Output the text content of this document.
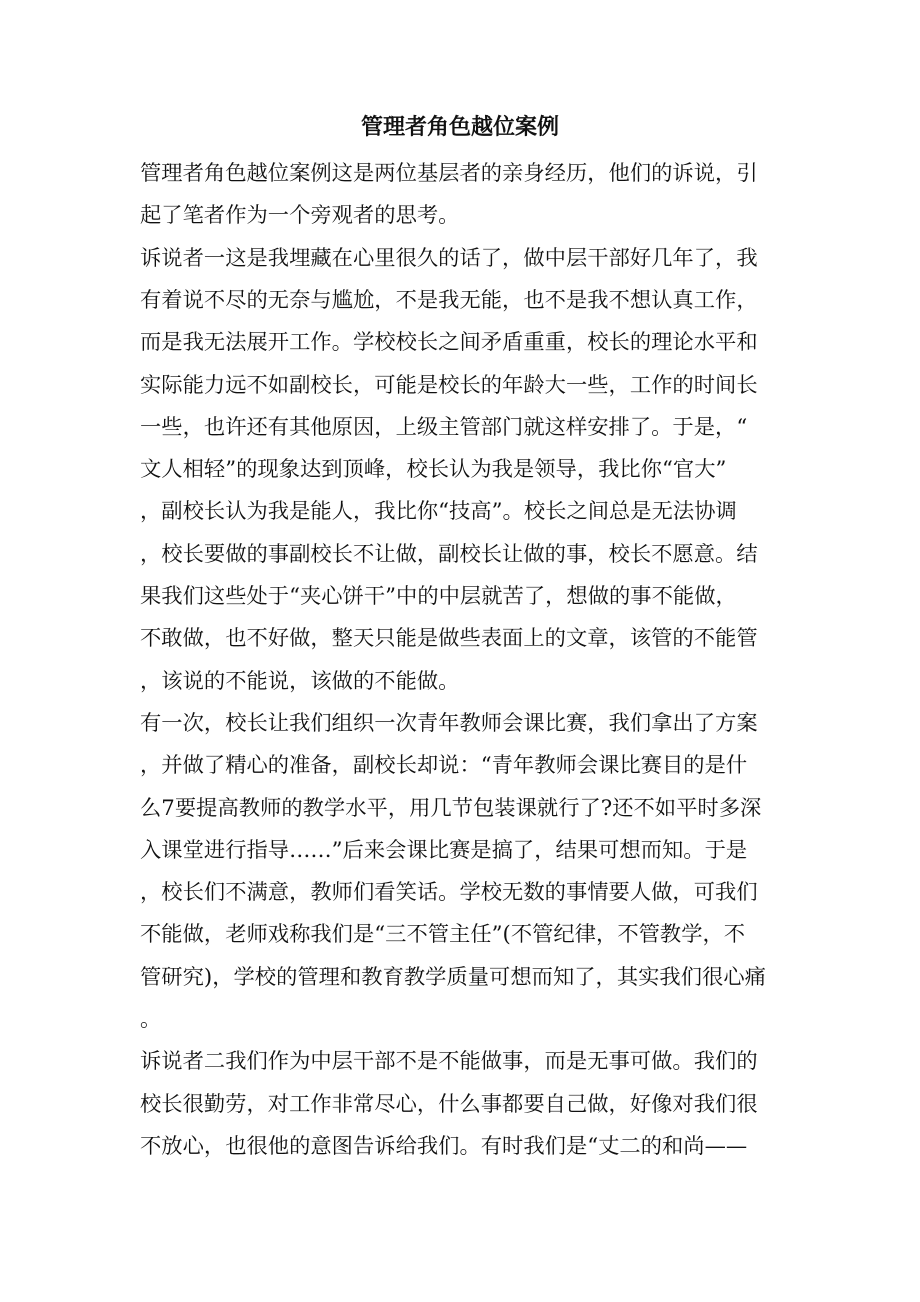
管理者角色越位案例
管理者角色越位案例这是两位基层者的亲身经历，他们的诉说，引
起了笔者作为一个旁观者的思考。
诉说者一这是我埋藏在心里很久的话了，做中层干部好几年了，我
有着说不尽的无奈与尴尬，不是我无能，也不是我不想认真工作，
而是我无法展开工作。学校校长之间矛盾重重，校长的理论水平和
实际能力远不如副校长，可能是校长的年龄大一些，工作的时间长
一些，也许还有其他原因，上级主管部门就这样安排了。于是，“
文人相轻”的现象达到顶峰，校长认为我是领导，我比你“官大”
，副校长认为我是能人，我比你“技高”。校长之间总是无法协调
，校长要做的事副校长不让做，副校长让做的事，校长不愿意。结
果我们这些处于“夹心饼干”中的中层就苦了，想做的事不能做，
不敢做，也不好做，整天只能是做些表面上的文章，该管的不能管
，该说的不能说，该做的不能做。
有一次，校长让我们组织一次青年教师会课比赛，我们拿出了方案
，并做了精心的准备，副校长却说：“青年教师会课比赛目的是什
么7要提高教师的教学水平，用几节包装课就行了?还不如平时多深
入课堂进行指导……”后来会课比赛是搞了，结果可想而知。于是
，校长们不满意，教师们看笑话。学校无数的事情要人做，可我们
不能做，老师戏称我们是“三不管主任”(不管纪律，不管教学，不
管研究)，学校的管理和教育教学质量可想而知了，其实我们很心痛
。
诉说者二我们作为中层干部不是不能做事，而是无事可做。我们的
校长很勤劳，对工作非常尽心，什么事都要自己做，好像对我们很
不放心，也很他的意图告诉给我们。有时我们是“丈二的和尚——
